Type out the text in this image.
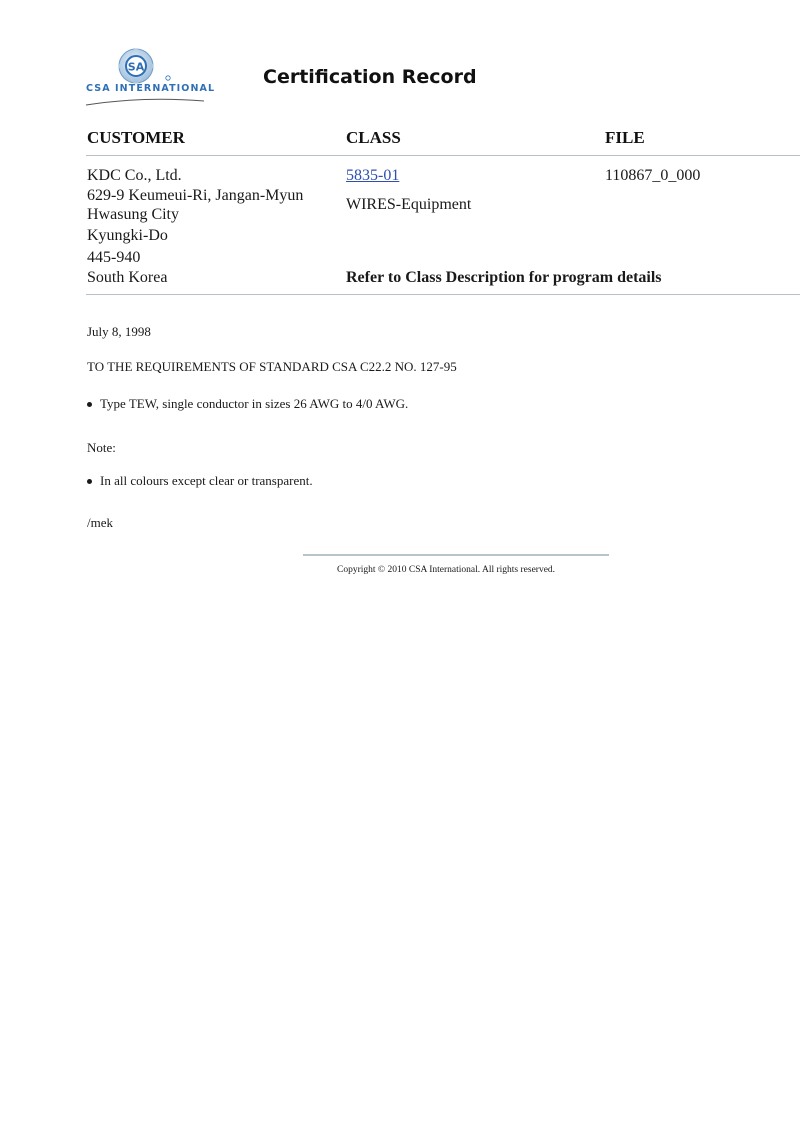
SA
CSA INTERNATIONAL
Certification Record
CUSTOMER	CLASS	FILE
KDC Co., Ltd.
629-9 Keumeui-Ri, Jangan-Myun
Hwasung City
Kyungki-Do
445-940
South Korea
5835-01
WIRES-Equipment
Refer to Class Description for program details
110867_0_000
July 8, 1998
TO THE REQUIREMENTS OF STANDARD CSA C22.2 NO. 127-95
Type TEW, single conductor in sizes 26 AWG to 4/0 AWG.
Note:
In all colours except clear or transparent.
/mek
Copyright © 2010 CSA International. All rights reserved.
